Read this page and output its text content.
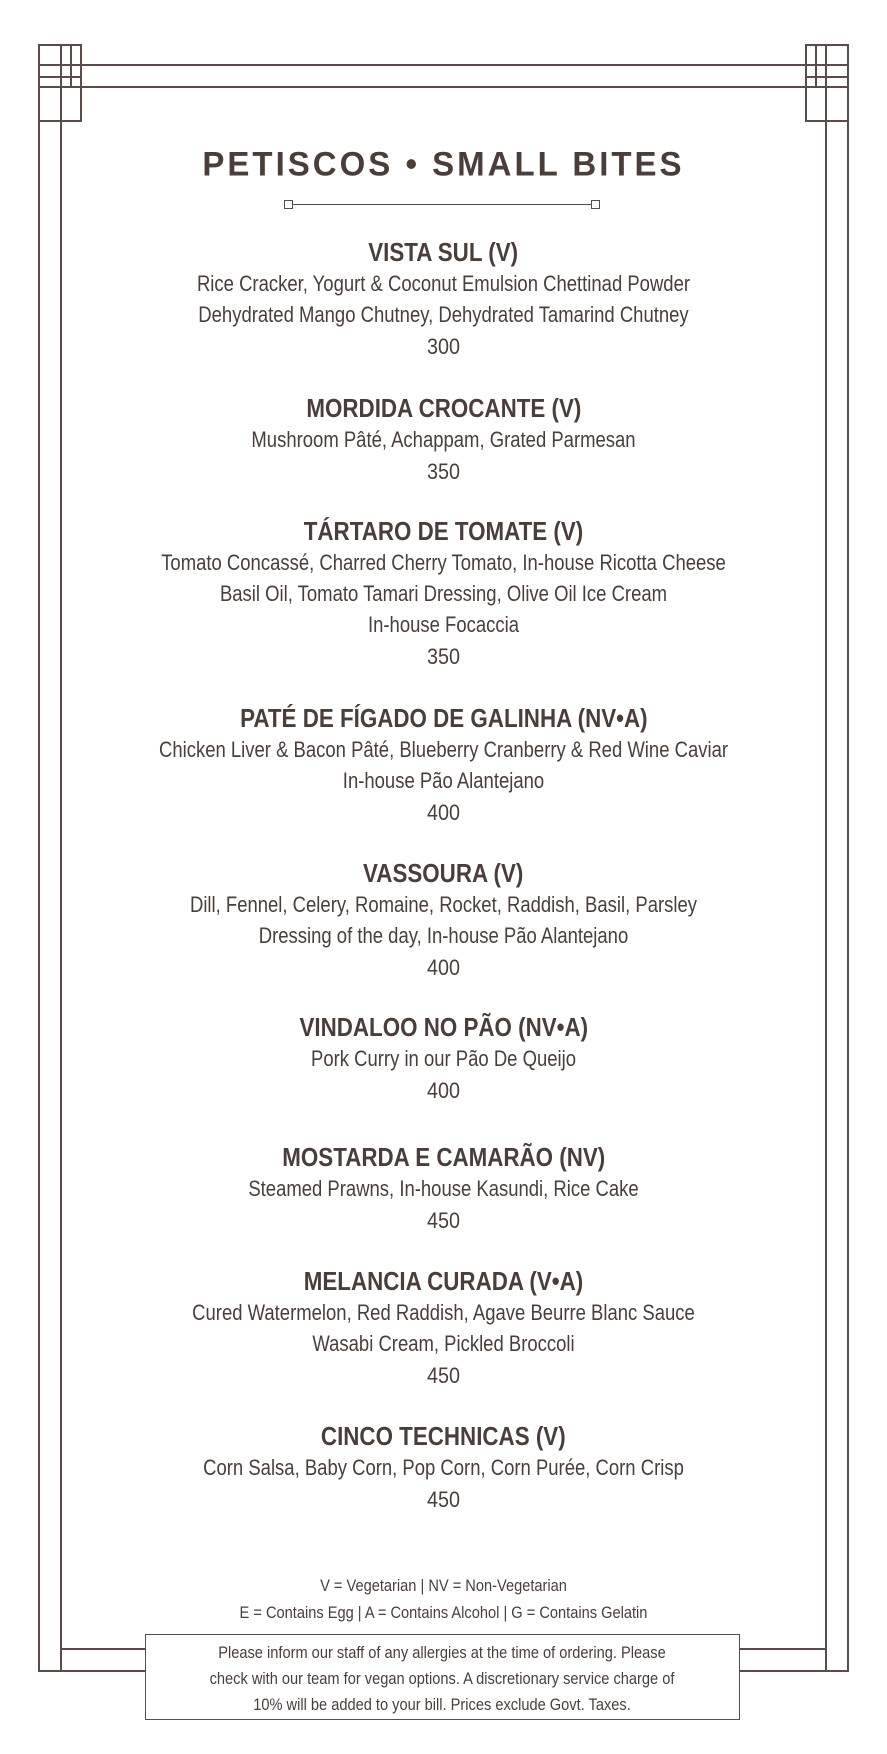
PETISCOS • SMALL BITES
VISTA SUL (V)
Rice Cracker, Yogurt & Coconut Emulsion Chettinad Powder
Dehydrated Mango Chutney, Dehydrated Tamarind Chutney
300
MORDIDA CROCANTE (V)
Mushroom Pâté, Achappam, Grated Parmesan
350
TÁRTARO DE TOMATE (V)
Tomato Concassé, Charred Cherry Tomato, In-house Ricotta Cheese
Basil Oil, Tomato Tamari Dressing, Olive Oil Ice Cream
In-house Focaccia
350
PATÉ DE FÍGADO DE GALINHA (NV•A)
Chicken Liver & Bacon Pâté, Blueberry Cranberry & Red Wine Caviar
In-house Pão Alantejano
400
VASSOURA (V)
Dill, Fennel, Celery, Romaine, Rocket, Raddish, Basil, Parsley
Dressing of the day, In-house Pão Alantejano
400
VINDALOO NO PÃO (NV•A)
Pork Curry in our Pão De Queijo
400
MOSTARDA E CAMARÃO (NV)
Steamed Prawns, In-house Kasundi, Rice Cake
450
MELANCIA CURADA (V•A)
Cured Watermelon, Red Raddish, Agave Beurre Blanc Sauce
Wasabi Cream, Pickled Broccoli
450
CINCO TECHNICAS (V)
Corn Salsa, Baby Corn, Pop Corn, Corn Purée, Corn Crisp
450
V = Vegetarian | NV = Non-Vegetarian
E = Contains Egg | A = Contains Alcohol | G = Contains Gelatin
Please inform our staff of any allergies at the time of ordering. Please
check with our team for vegan options. A discretionary service charge of
10% will be added to your bill. Prices exclude Govt. Taxes.
